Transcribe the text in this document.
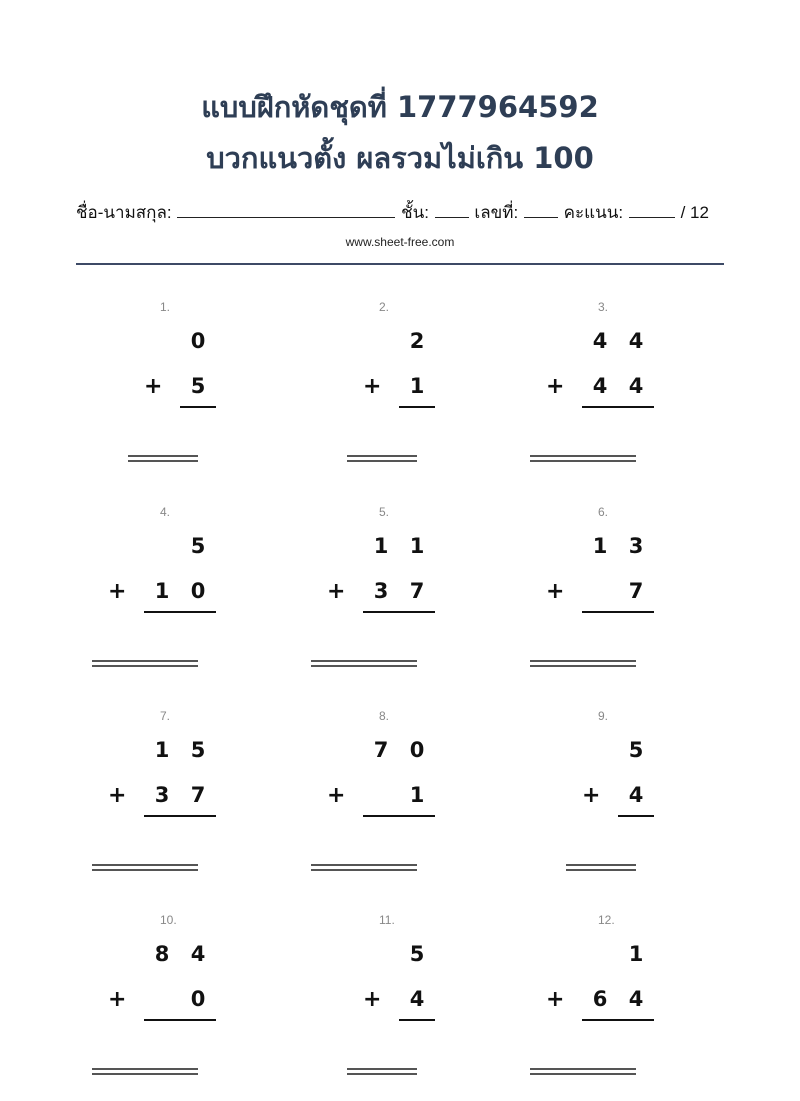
แบบฝึกหัดชุดที่ 1777964592
บวกแนวตั้ง ผลรวมไม่เกิน 100
ชื่อ-นามสกุล:	ชั้น:	เลขที่:	คะแนน:	/ 12
www.sheet-free.com
1.
0
5
+
2.
2
1
+
3.
4 4
4 4
+
4.
5
1 0
+
5.
1 1
3 7
+
6.
1 3
7
+
7.
1 5
3 7
+
8.
7 0
1
+
9.
5
4
+
10.
8 4
0
+
11.
5
4
+
12.
1
6 4
+
